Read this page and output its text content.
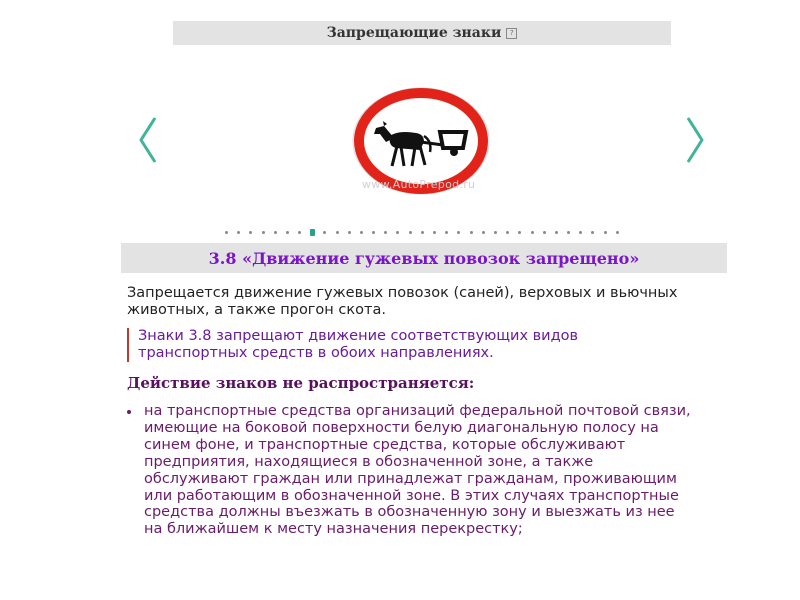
Запрещающие знаки	?
www.AutoPrepod.ru
3.8 «Движение гужевых повозок запрещено»
Запрещается движение гужевых повозок (саней), верховых и вьючных животных, а также прогон скота.
Знаки 3.8 запрещают движение соответствующих видов транспортных средств в обоих направлениях.
Действие знаков не распространяется:
на транспортные средства организаций федеральной почтовой связи, имеющие на боковой поверхности белую диагональную полосу на синем фоне, и транспортные средства, которые обслуживают предприятия, находящиеся в обозначенной зоне, а также обслуживают граждан или принадлежат гражданам, проживающим или работающим в обозначенной зоне. В этих случаях транспортные средства должны въезжать в обозначенную зону и выезжать из нее на ближайшем к месту назначения перекрестку;
